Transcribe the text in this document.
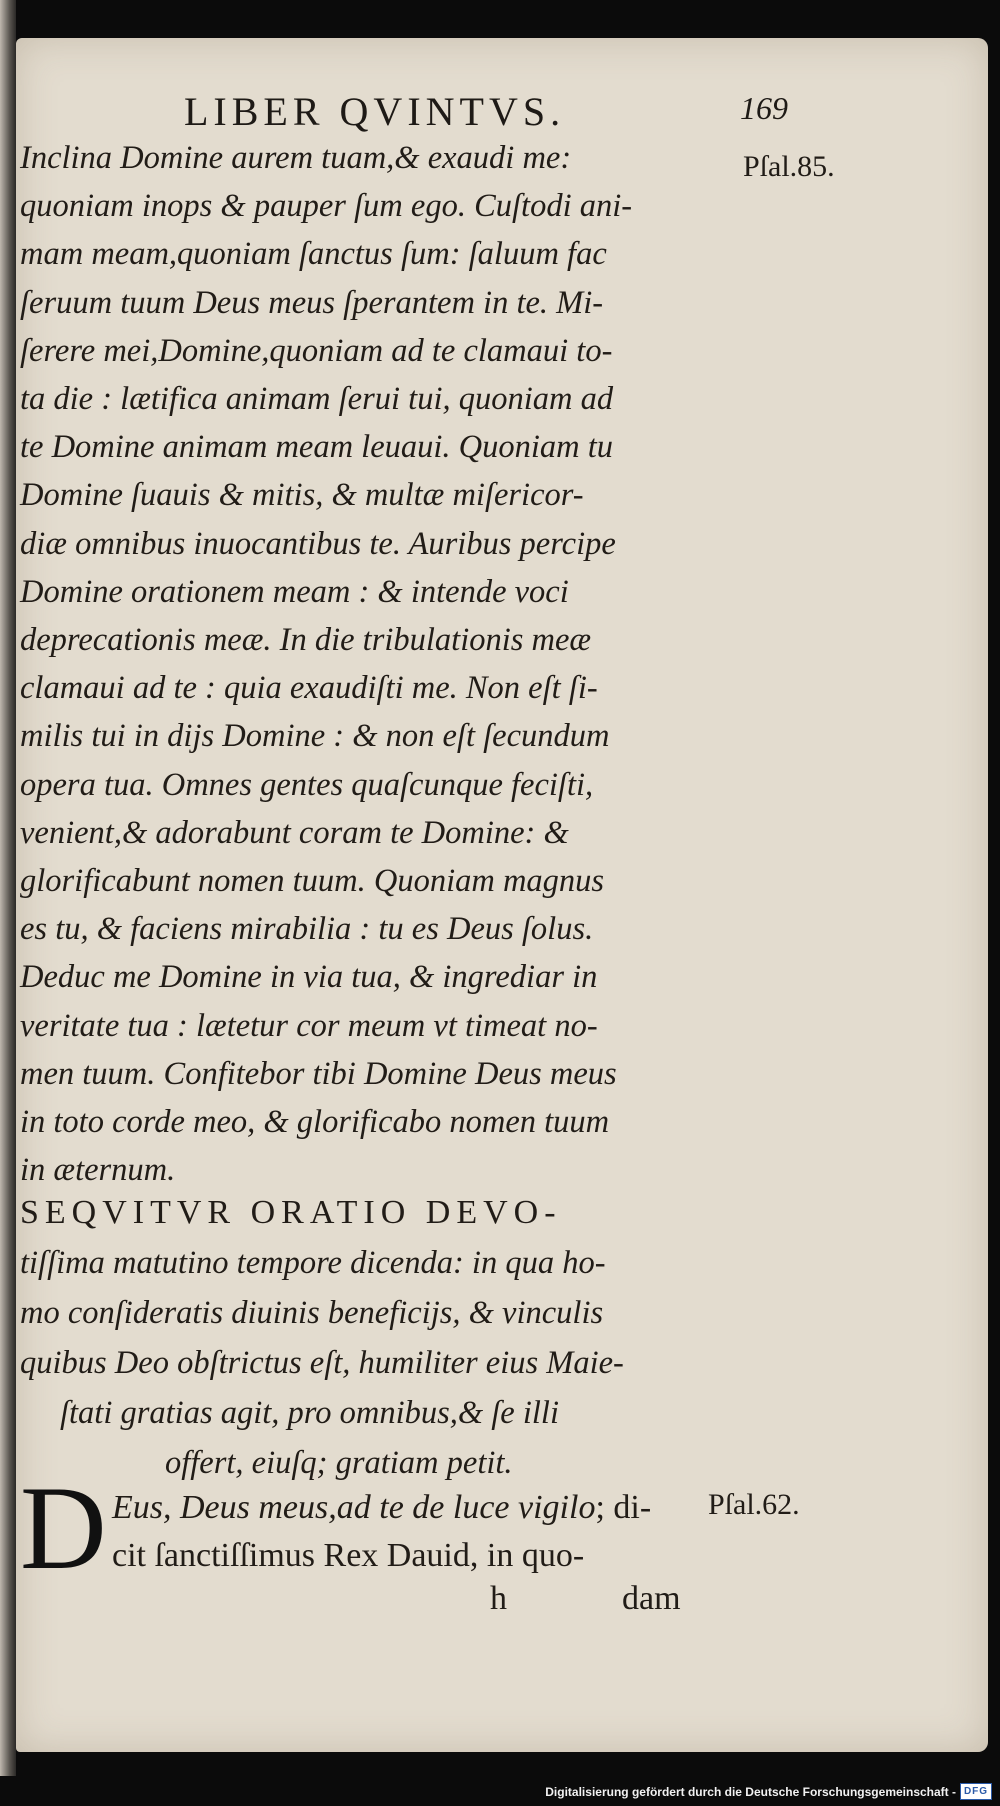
LIBER QVINTVS.	169
Pſal.85.
Inclina Domine aurem tuam,& exaudi me:
quoniam inops & pauper ſum ego. Cuſtodi ani-
mam meam,quoniam ſanctus ſum: ſaluum fac
ſeruum tuum Deus meus ſperantem in te. Mi-
ſerere mei,Domine,quoniam ad te clamaui to-
ta die : lætifica animam ſerui tui, quoniam ad
te Domine animam meam leuaui. Quoniam tu
Domine ſuauis & mitis, & multæ miſericor-
diæ omnibus inuocantibus te. Auribus percipe
Domine orationem meam : & intende voci
deprecationis meæ. In die tribulationis meæ
clamaui ad te : quia exaudiſti me. Non eſt ſi-
milis tui in dijs Domine : & non eſt ſecundum
opera tua. Omnes gentes quaſcunque feciſti,
venient,& adorabunt coram te Domine: &
glorificabunt nomen tuum. Quoniam magnus
es tu, & faciens mirabilia : tu es Deus ſolus.
Deduc me Domine in via tua, & ingrediar in
veritate tua : lætetur cor meum vt timeat no-
men tuum. Confitebor tibi Domine Deus meus
in toto corde meo, & glorificabo nomen tuum
in æternum.
SEQVITVR ORATIO DEVO-
tiſſima matutino tempore dicenda: in qua ho-
mo conſideratis diuinis beneficijs, & vinculis
quibus Deo obſtrictus eſt, humiliter eius Maie-
ſtati gratias agit, pro omnibus,& ſe illi
offert, eiuſq; gratiam petit.
D Eus, Deus meus,ad te de luce vigilo; di-
cit ſanctiſſimus Rex Dauid, in quo-
Pſal.62.
h	dam
Digitalisierung gefördert durch die Deutsche Forschungsgemeinschaft - DFG
